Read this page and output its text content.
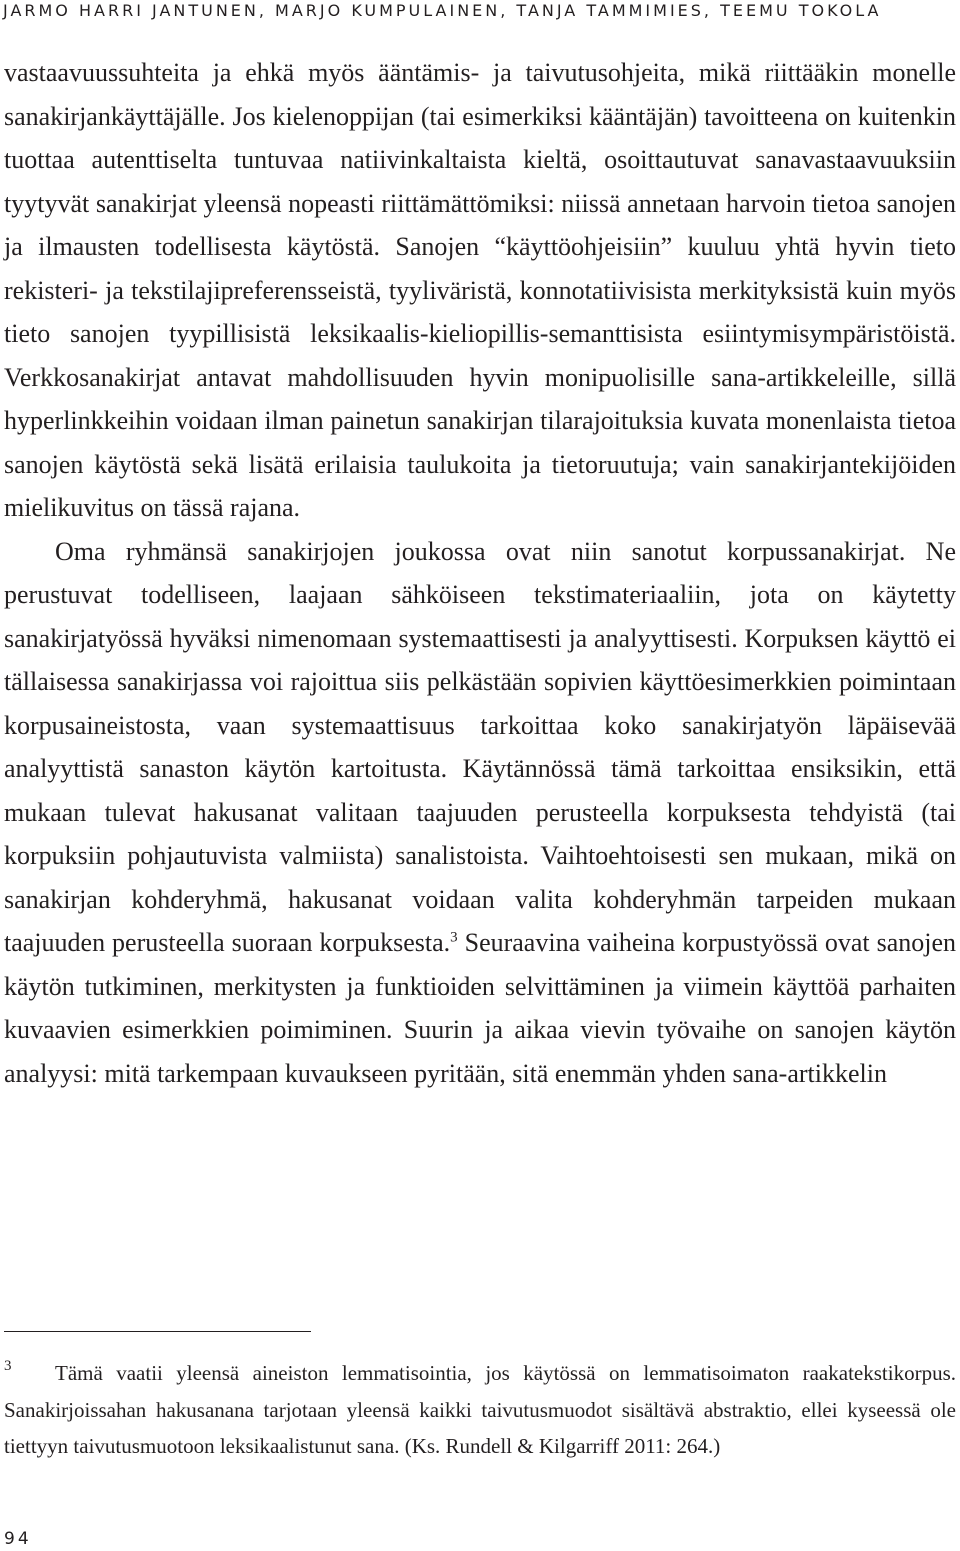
JARMO HARRI JANTUNEN, MARJO KUMPULAINEN, TANJA TAMMIMIES, TEEMU TOKOLA

vastaavuussuhteita ja ehkä myös ääntämis- ja taivutusohjeita, mikä riittääkin monelle sanakirjankäyttäjälle. Jos kielenoppijan (tai esimerkiksi kääntäjän) tavoitteena on kuitenkin tuottaa autenttiselta tuntuvaa natiivinkaltaista kieltä, osoittautuvat sanavastaavuuksiin tyytyvät sanakirjat yleensä nopeasti riittämättömiksi: niissä annetaan harvoin tietoa sanojen ja ilmausten todellisesta käytöstä. Sanojen “käyttöohjeisiin” kuuluu yhtä hyvin tieto rekisteri- ja tekstilajipreferensseistä, tyyliväristä, konnotatiivisista merkityksistä kuin myös tieto sanojen tyypillisistä leksikaalis-kieliopillis-semanttisista esiintymisympäristöistä. Verkkosanakirjat antavat mahdollisuuden hyvin monipuolisille sana-artikkeleille, sillä hyperlinkkeihin voidaan ilman painetun sanakirjan tilarajoituksia kuvata monenlaista tietoa sanojen käytöstä sekä lisätä erilaisia taulukoita ja tietoruutuja; vain sanakirjantekijöiden mielikuvitus on tässä rajana.

Oma ryhmänsä sanakirjojen joukossa ovat niin sanotut korpussanakirjat. Ne perustuvat todelliseen, laajaan sähköiseen tekstimateriaaliin, jota on käytetty sanakirjatyössä hyväksi nimenomaan systemaattisesti ja analyyttisesti. Korpuksen käyttö ei tällaisessa sanakirjassa voi rajoittua siis pelkästään sopivien käyttöesimerkkien poimintaan korpusaineistosta, vaan systemaattisuus tarkoittaa koko sanakirjatyön läpäisevää analyyttistä sanaston käytön kartoitusta. Käytännössä tämä tarkoittaa ensiksikin, että mukaan tulevat hakusanat valitaan taajuuden perusteella korpuksesta tehdyistä (tai korpuksiin pohjautuvista valmiista) sanalistoista. Vaihtoehtoisesti sen mukaan, mikä on sanakirjan kohderyhmä, hakusanat voidaan valita kohderyhmän tarpeiden mukaan taajuuden perusteella suoraan korpuksesta.$^3$ Seuraavina vaiheina korpustyössä ovat sanojen käytön tutkiminen, merkitysten ja funktioiden selvittäminen ja viimein käyttöä parhaiten kuvaavien esimerkkien poimiminen. Suurin ja aikaa vievin työvaihe on sanojen käytön analyysi: mitä tarkempaan kuvaukseen pyritään, sitä enemmän yhden sana-artikkelin

3 Tämä vaatii yleensä aineiston lemmatisointia, jos käytössä on lemmatisoimaton raakatekstikorpus. Sanakirjoissahan hakusanana tarjotaan yleensä kaikki taivutusmuodot sisältävä abstraktio, ellei kyseessä ole tiettyyn taivutusmuotoon leksikaalistunut sana. (Ks. Rundell & Kilgarriff 2011: 264.)
94
